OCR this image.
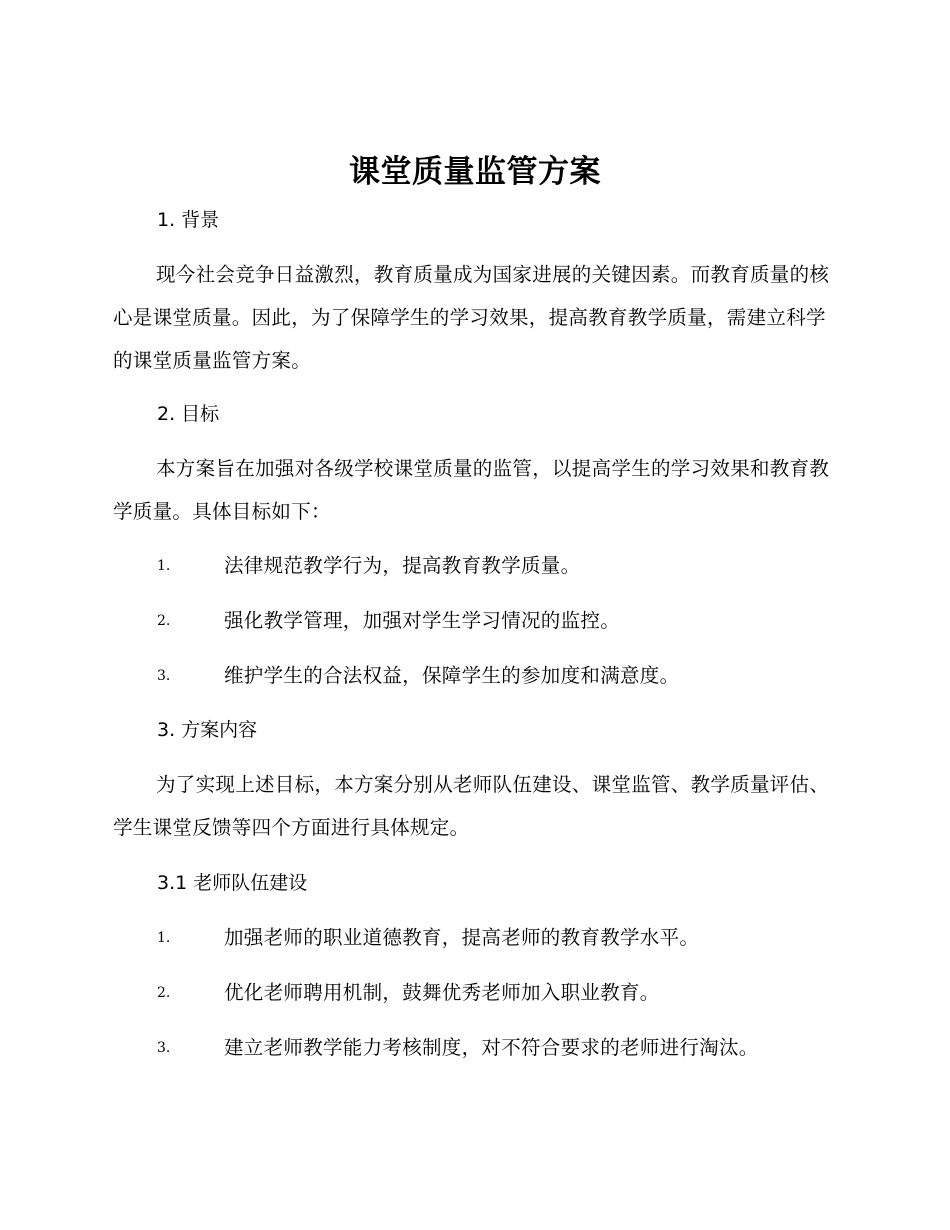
课堂质量监管方案
1. 背景

现今社会竞争日益激烈，教育质量成为国家进展的关键因素。而教育质量的核心是课堂质量。因此，为了保障学生的学习效果，提高教育教学质量，需建立科学的课堂质量监管方案。

2. 目标

本方案旨在加强对各级学校课堂质量的监管，以提高学生的学习效果和教育教学质量。具体目标如下：

1.	法律规范教学行为，提高教育教学质量。
2.	强化教学管理，加强对学生学习情况的监控。
3.	维护学生的合法权益，保障学生的参加度和满意度。
3. 方案内容

为了实现上述目标，本方案分别从老师队伍建设、课堂监管、教学质量评估、学生课堂反馈等四个方面进行具体规定。

3.1 老师队伍建设
1.	加强老师的职业道德教育，提高老师的教育教学水平。
2.	优化老师聘用机制，鼓舞优秀老师加入职业教育。
3.	建立老师教学能力考核制度，对不符合要求的老师进行淘汰。
